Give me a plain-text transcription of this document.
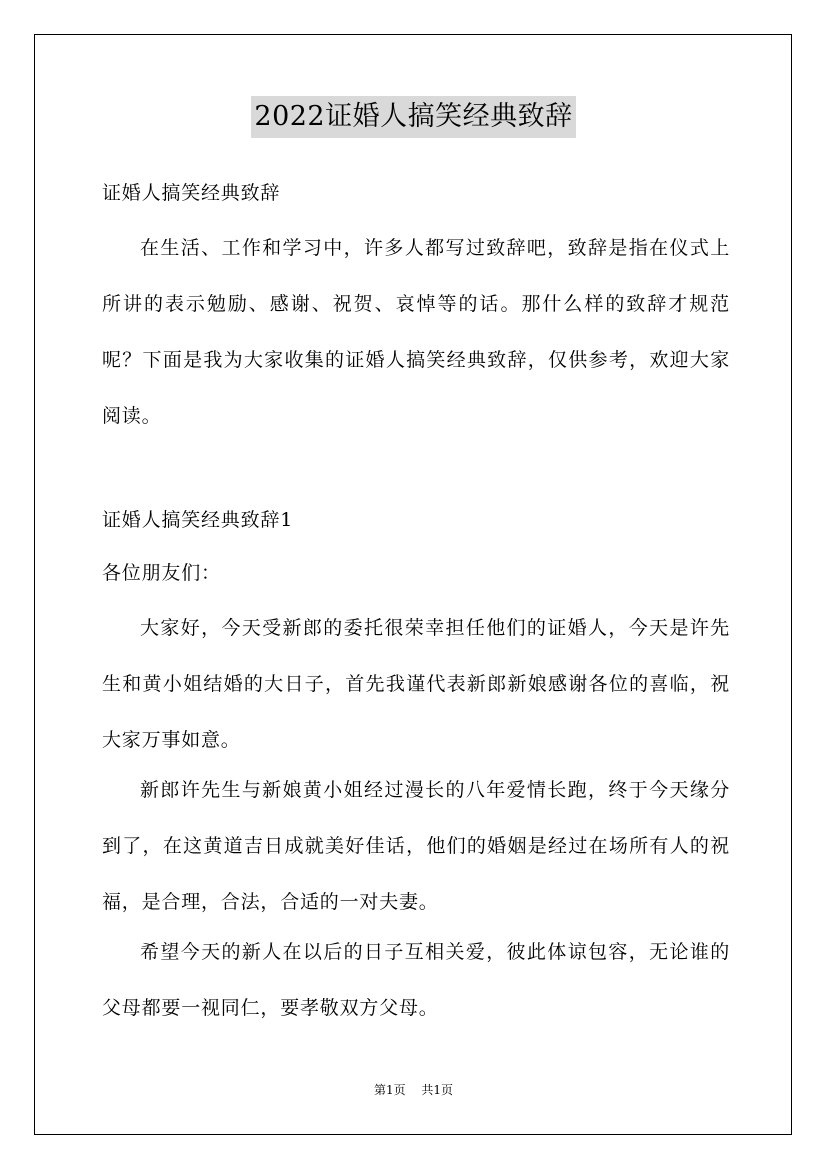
2022证婚人搞笑经典致辞

证婚人搞笑经典致辞

在生活、工作和学习中，许多人都写过致辞吧，致辞是指在仪式上所讲的表示勉励、感谢、祝贺、哀悼等的话。那什么样的致辞才规范呢？下面是我为大家收集的证婚人搞笑经典致辞，仅供参考，欢迎大家阅读。

证婚人搞笑经典致辞1

各位朋友们：

大家好，今天受新郎的委托很荣幸担任他们的证婚人，今天是许先生和黄小姐结婚的大日子，首先我谨代表新郎新娘感谢各位的喜临，祝大家万事如意。

新郎许先生与新娘黄小姐经过漫长的八年爱情长跑，终于今天缘分到了，在这黄道吉日成就美好佳话，他们的婚姻是经过在场所有人的祝福，是合理，合法，合适的一对夫妻。

希望今天的新人在以后的日子互相关爱，彼此体谅包容，无论谁的父母都要一视同仁，要孝敬双方父母。

第1页 共1页
